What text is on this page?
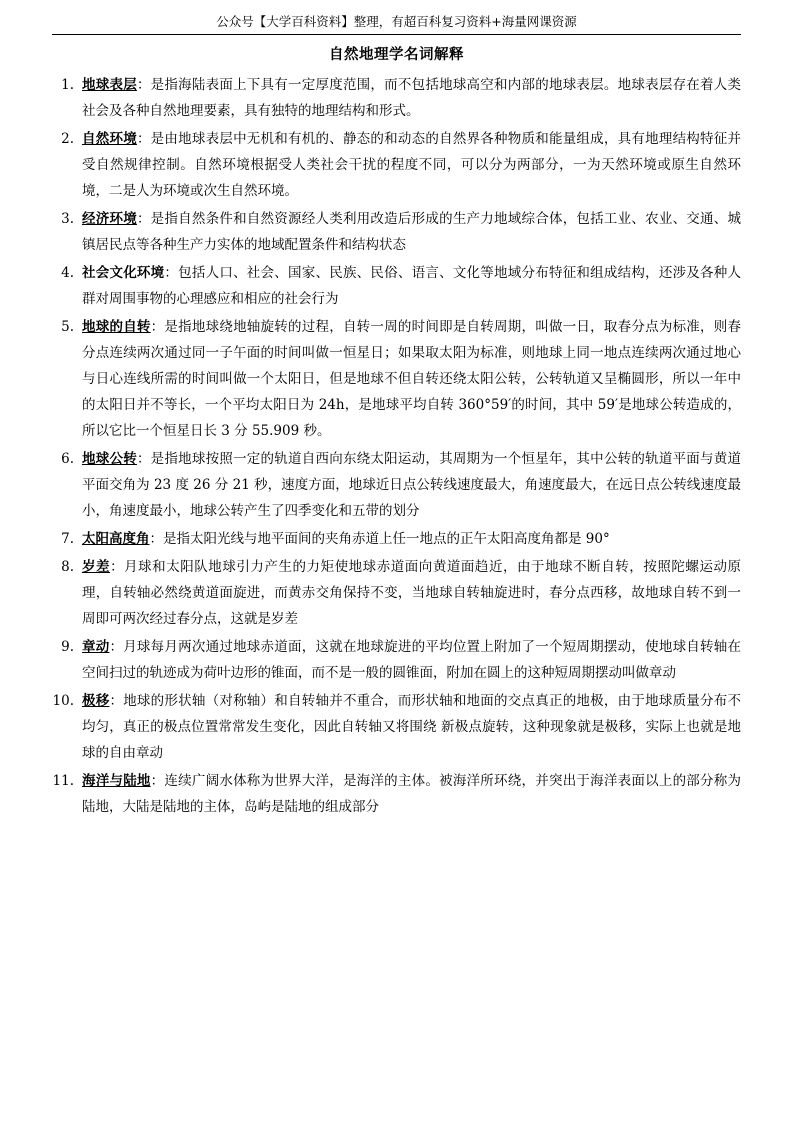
公众号【大学百科资料】整理，有超百科复习资料+海量网课资源
自然地理学名词解释
1. 地球表层：是指海陆表面上下具有一定厚度范围，而不包括地球高空和内部的地球表层。地球表层存在着人类社会及各种自然地理要素，具有独特的地理结构和形式。
2. 自然环境：是由地球表层中无机和有机的、静态的和动态的自然界各种物质和能量组成，具有地理结构特征并受自然规律控制。自然环境根据受人类社会干扰的程度不同，可以分为两部分，一为天然环境或原生自然环境，二是人为环境或次生自然环境。
3. 经济环境：是指自然条件和自然资源经人类利用改造后形成的生产力地域综合体，包括工业、农业、交通、城镇居民点等各种生产力实体的地域配置条件和结构状态
4. 社会文化环境：包括人口、社会、国家、民族、民俗、语言、文化等地域分布特征和组成结构，还涉及各种人群对周围事物的心理感应和相应的社会行为
5. 地球的自转：是指地球绕地轴旋转的过程，自转一周的时间即是自转周期，叫做一日，取春分点为标准，则春分点连续两次通过同一子午面的时间叫做一恒星日；如果取太阳为标准，则地球上同一地点连续两次通过地心与日心连线所需的时间叫做一个太阳日，但是地球不但自转还绕太阳公转，公转轨道又呈椭圆形，所以一年中的太阳日并不等长，一个平均太阳日为 24h，是地球平均自转 360°59′的时间，其中 59′是地球公转造成的，所以它比一个恒星日长 3 分 55.909 秒。
6. 地球公转：是指地球按照一定的轨道自西向东绕太阳运动，其周期为一个恒星年，其中公转的轨道平面与黄道平面交角为 23 度 26 分 21 秒，速度方面，地球近日点公转线速度最大，角速度最大，在远日点公转线速度最小，角速度最小，地球公转产生了四季变化和五带的划分
7. 太阳高度角：是指太阳光线与地平面间的夹角赤道上任一地点的正午太阳高度角都是 90°
8. 岁差：月球和太阳队地球引力产生的力矩使地球赤道面向黄道面趋近，由于地球不断自转，按照陀螺运动原理，自转轴必然绕黄道面旋进，而黄赤交角保持不变，当地球自转轴旋进时，春分点西移，故地球自转不到一周即可两次经过春分点，这就是岁差
9. 章动：月球每月两次通过地球赤道面，这就在地球旋进的平均位置上附加了一个短周期摆动，使地球自转轴在空间扫过的轨迹成为荷叶边形的锥面，而不是一般的圆锥面，附加在圆上的这种短周期摆动叫做章动
10. 极移：地球的形状轴（对称轴）和自转轴并不重合，而形状轴和地面的交点真正的地极，由于地球质量分布不均匀，真正的极点位置常常发生变化，因此自转轴又将围绕 新极点旋转，这种现象就是极移，实际上也就是地球的自由章动
11. 海洋与陆地：连续广阔水体称为世界大洋，是海洋的主体。被海洋所环绕，并突出于海洋表面以上的部分称为陆地，大陆是陆地的主体，岛屿是陆地的组成部分
